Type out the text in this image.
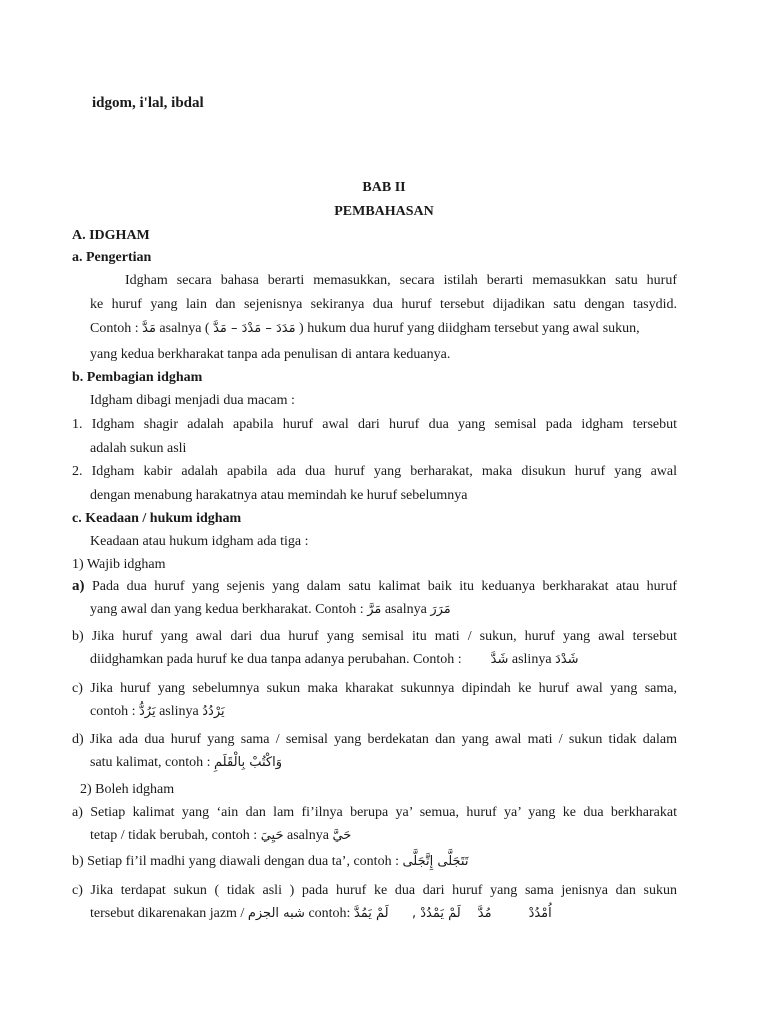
idgom, i'lal, ibdal
BAB II
PEMBAHASAN
A. IDGHAM
a. Pengertian
Idgham secara bahasa berarti memasukkan, secara istilah berarti memasukkan satu huruf
ke huruf yang lain dan sejenisnya sekiranya dua huruf tersebut dijadikan satu dengan tasydid.
Contoh : مَدَّ asalnya ( مَدَدَ – مَدْدَ – مَدَّ ) hukum dua huruf yang diidgham tersebut yang awal sukun,
yang kedua berkharakat tanpa ada penulisan di antara keduanya.
b. Pembagian idgham
Idgham dibagi menjadi dua macam :
1. Idgham shagir adalah apabila huruf awal dari huruf dua yang semisal pada idgham tersebut
adalah sukun asli
2. Idgham kabir adalah apabila ada dua huruf yang berharakat, maka disukun huruf yang awal
dengan menabung harakatnya atau memindah ke huruf sebelumnya
c. Keadaan / hukum idgham
Keadaan atau hukum idgham ada tiga :
1) Wajib idgham
a) Pada dua huruf yang sejenis yang dalam satu kalimat baik itu keduanya berkharakat atau huruf
yang awal dan yang kedua berkharakat. Contoh : مَرَّ asalnya مَرَرَ
b) Jika huruf yang awal dari dua huruf yang semisal itu mati / sukun, huruf yang awal tersebut
diidghamkan pada huruf ke dua tanpa adanya perubahan. Contoh : شَدَّ aslinya شَدْدَ
c) Jika huruf yang sebelumnya sukun maka kharakat sukunnya dipindah ke huruf awal yang sama,
contoh : يَرُدُّ aslinya يَرْدُدُ
d) Jika ada dua huruf yang sama / semisal yang berdekatan dan yang awal mati / sukun tidak dalam
satu kalimat, contoh : وَاكْتُبْ بِالْقَلَمِ
2) Boleh idgham
a) Setiap kalimat yang ‘ain dan lam fi’ilnya berupa ya’ semua, huruf ya’ yang ke dua berkharakat
tetap / tidak berubah, contoh : حَيِيَ asalnya حَيَّ
b) Setiap fi’il madhi yang diawali dengan dua ta’, contoh : تَتَجَلَّى إِتَّجَلَّى
c) Jika terdapat sukun ( tidak asli ) pada huruf ke dua dari huruf yang sama jenisnya dan sukun
tersebut dikarenakan jazm / شبه الجزم contoh: لَمْ يَمُدَّ لَمْ يَمْدُدْ , مُدَّ	اُمْدُدْ
